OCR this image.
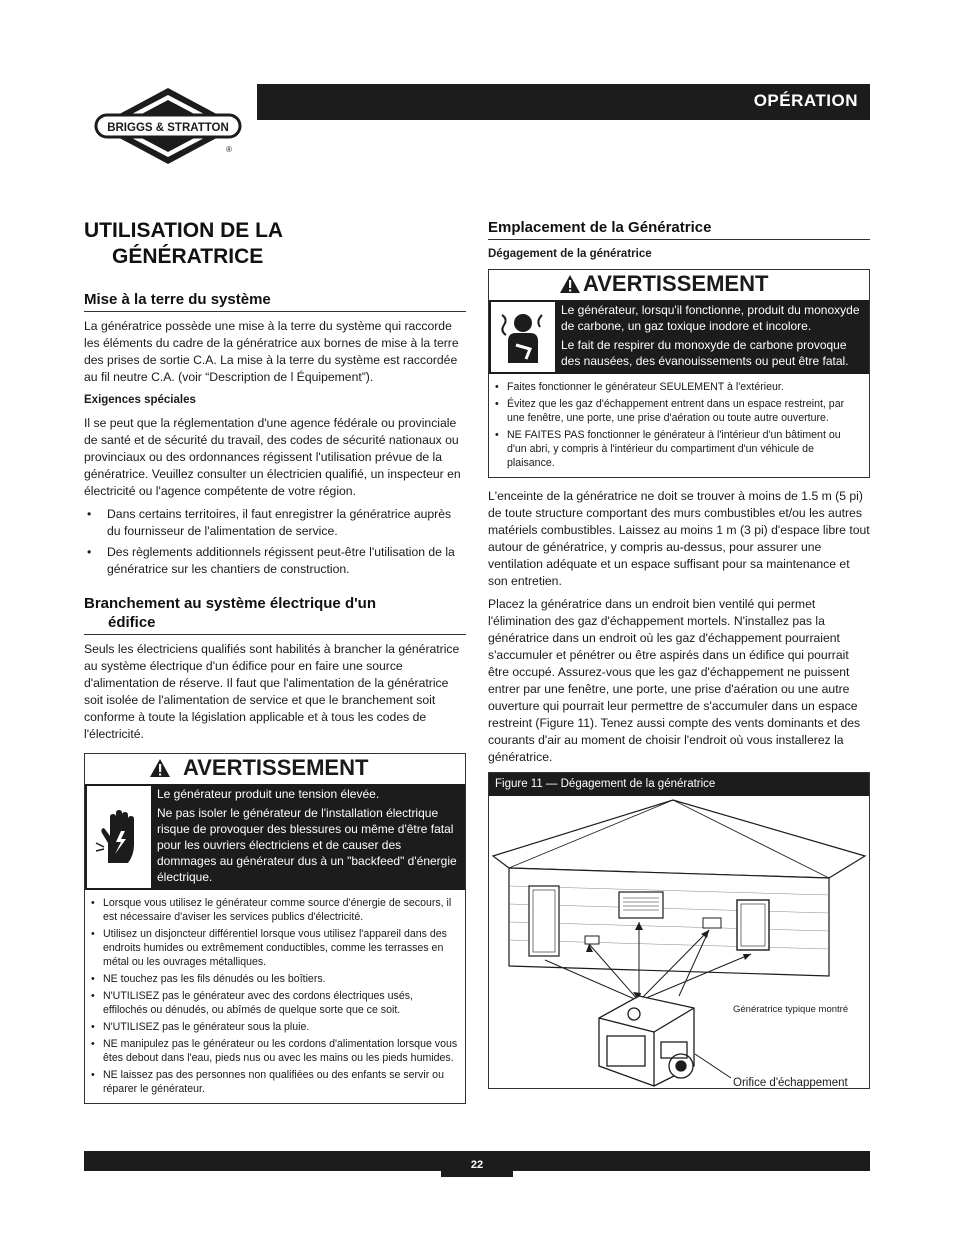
BRIGGS & STRATTON
®
OPÉRATION
UTILISATION DE LA
GÉNÉRATRICE
Mise à la terre du système

La génératrice possède une mise à la terre du système qui raccorde les éléments du cadre de la génératrice aux bornes de mise à la terre des prises de sortie C.A. La mise à la terre du système est raccordée au fil neutre C.A. (voir “Description de l Équipement”).

Exigences spéciales

Il se peut que la réglementation d'une agence fédérale ou provinciale de santé et de sécurité du travail, des codes de sécurité nationaux ou provinciaux ou des ordonnances régissent l'utilisation prévue de la génératrice. Veuillez consulter un électricien qualifié, un inspecteur en électricité ou l'agence compétente de votre région.

• Dans certains territoires, il faut enregistrer la génératrice auprès du fournisseur de l'alimentation de service.
• Des règlements additionnels régissent peut-être l'utilisation de la génératrice sur les chantiers de construction.
Branchement au système électrique d'un
édifice

Seuls les électriciens qualifiés sont habilités à brancher la génératrice au système électrique d'un édifice pour en faire une source d'alimentation de réserve. Il faut que l'alimentation de la génératrice soit isolée de l'alimentation de service et que le branchement soit conforme à toute la législation applicable et à tous les codes de l'électricité.

AVERTISSEMENT

Le générateur produit une tension élevée.

Ne pas isoler le générateur de l'installation électrique risque de provoquer des blessures ou même d'être fatal pour les ouvriers électriciens et de causer des dommages au générateur dus à un "backfeed" d'énergie électrique.

• Lorsque vous utilisez le générateur comme source d'énergie de secours, il est nécessaire d'aviser les services publics d'électricité.
• Utilisez un disjoncteur différentiel lorsque vous utilisez l'appareil dans des endroits humides ou extrêmement conductibles, comme les terrasses en métal ou les ouvrages métalliques.
• NE touchez pas les fils dénudés ou les boîtiers.
• N'UTILISEZ pas le générateur avec des cordons électriques usés, effilochés ou dénudés, ou abîmés de quelque sorte que ce soit.
• N'UTILISEZ pas le générateur sous la pluie.
• NE manipulez pas le générateur ou les cordons d'alimentation lorsque vous êtes debout dans l'eau, pieds nus ou avec les mains ou les pieds humides.
• NE laissez pas des personnes non qualifiées ou des enfants se servir ou réparer le générateur.
Emplacement de la Génératrice
Dégagement de la génératrice
AVERTISSEMENT

Le générateur, lorsqu'il fonctionne, produit du monoxyde de carbone, un gaz toxique inodore et incolore.

Le fait de respirer du monoxyde de carbone provoque des nausées, des évanouissements ou peut être fatal.

• Faites fonctionner le générateur SEULEMENT à l'extérieur.
• Évitez que les gaz d'échappement entrent dans un espace restreint, par une fenêtre, une porte, une prise d'aération ou toute autre ouverture.
• NE FAITES PAS fonctionner le générateur à l'intérieur d'un bâtiment ou d'un abri, y compris à l'intérieur du compartiment d'un véhicule de plaisance.

L'enceinte de la génératrice ne doit se trouver à moins de 1.5 m (5 pi) de toute structure comportant des murs combustibles et/ou les autres matériels combustibles. Laissez au moins 1 m (3 pi) d'espace libre tout autour de génératrice, y compris au-dessus, pour assurer une ventilation adéquate et un espace suffisant pour sa maintenance et son entretien.

Placez la génératrice dans un endroit bien ventilé qui permet l'élimination des gaz d'échappement mortels. N'installez pas la génératrice dans un endroit où les gaz d'échappement pourraient s'accumuler et pénétrer ou être aspirés dans un édifice qui pourrait être occupé. Assurez-vous que les gaz d'échappement ne puissent entrer par une fenêtre, une porte, une prise d'aération ou une autre ouverture qui pourrait leur permettre de s'accumuler dans un espace restreint (Figure 11). Tenez aussi compte des vents dominants et des courants d'air au moment de choisir l'endroit où vous installerez la génératrice.

Figure 11 — Dégagement de la génératrice
Génératrice typique montré
Orifice d'échappement
22
